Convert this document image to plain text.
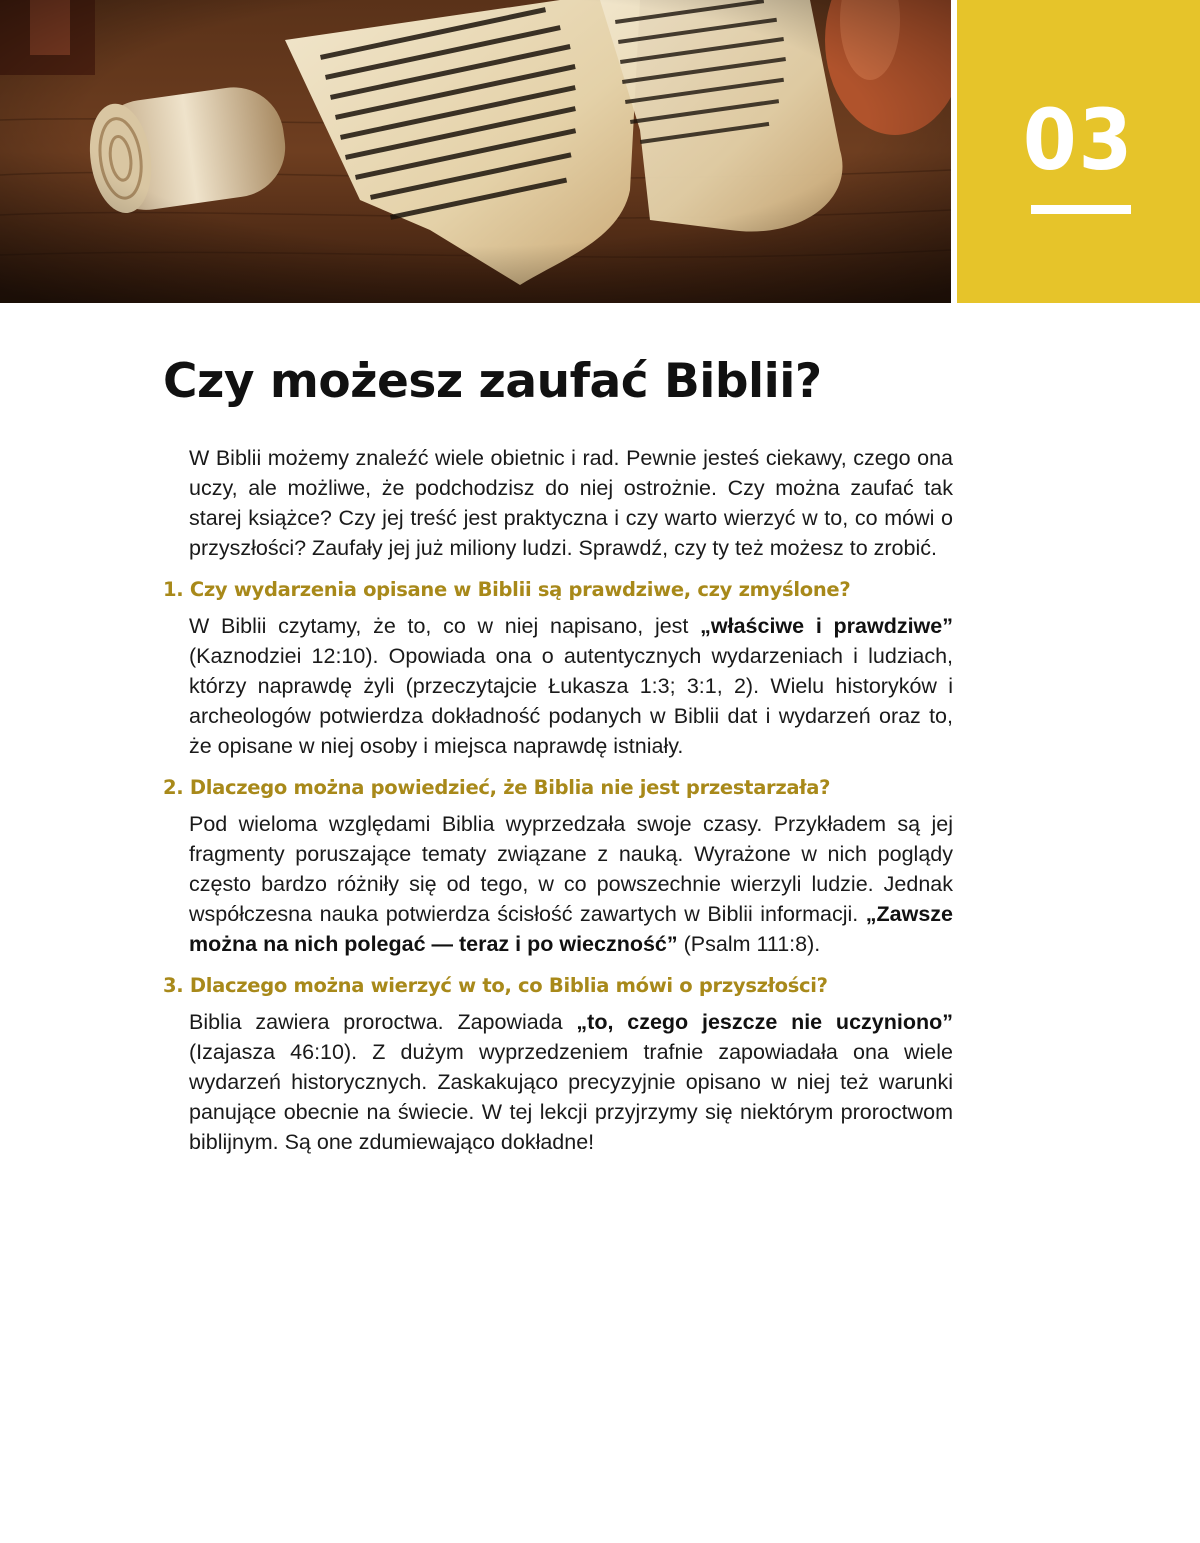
03
Czy możesz zaufać Biblii?

W Biblii możemy znaleźć wiele obietnic i rad. Pewnie jesteś ciekawy, czego ona uczy, ale możliwe, że podchodzisz do niej ostrożnie. Czy można zaufać tak starej książce? Czy jej treść jest praktyczna i czy warto wierzyć w to, co mówi o przyszłości? Zaufały jej już miliony ludzi. Sprawdź, czy ty też możesz to zrobić.

1. Czy wydarzenia opisane w Biblii są prawdziwe, czy zmyślone?

W Biblii czytamy, że to, co w niej napisano, jest „właściwe i prawdziwe” (Kaznodziei 12:10). Opowiada ona o autentycznych wydarzeniach i ludziach, którzy naprawdę żyli (przeczytajcie Łukasza 1:3; 3:1, 2). Wielu historyków i archeologów potwierdza dokładność podanych w Biblii dat i wydarzeń oraz to, że opisane w niej osoby i miejsca naprawdę istniały.

2. Dlaczego można powiedzieć, że Biblia nie jest przestarzała?

Pod wieloma względami Biblia wyprzedzała swoje czasy. Przykładem są jej fragmenty poruszające tematy związane z nauką. Wyrażone w nich poglądy często bardzo różniły się od tego, w co powszechnie wierzyli ludzie. Jednak współczesna nauka potwierdza ścisłość zawartych w Biblii informacji. „Zawsze można na nich polegać — teraz i po wieczność” (Psalm 111:8).

3. Dlaczego można wierzyć w to, co Biblia mówi o przyszłości?

Biblia zawiera proroctwa. Zapowiada „to, czego jeszcze nie uczyniono” (Izajasza 46:10). Z dużym wyprzedzeniem trafnie zapowiadała ona wiele wydarzeń historycznych. Zaskakująco precyzyjnie opisano w niej też warunki panujące obecnie na świecie. W tej lekcji przyjrzymy się niektórym proroctwom biblijnym. Są one zdumiewająco dokładne!
